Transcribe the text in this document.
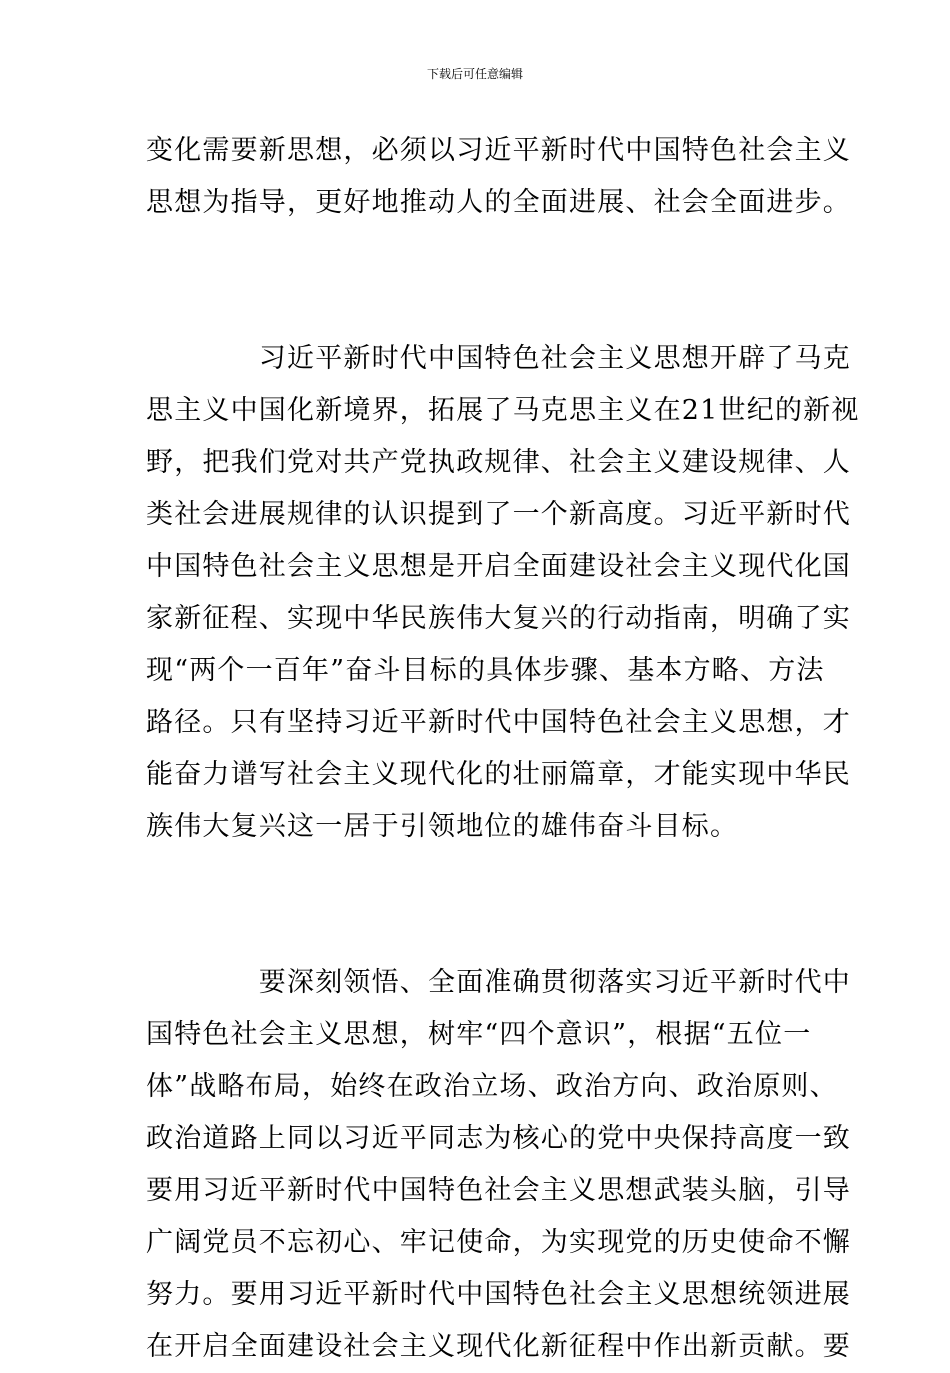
下载后可任意编辑
变化需要新思想，必须以习近平新时代中国特色社会主义
思想为指导，更好地推动人的全面进展、社会全面进步。
　　　　习近平新时代中国特色社会主义思想开辟了马克
思主义中国化新境界，拓展了马克思主义在21世纪的新视
野，把我们党对共产党执政规律、社会主义建设规律、人
类社会进展规律的认识提到了一个新高度。习近平新时代
中国特色社会主义思想是开启全面建设社会主义现代化国
家新征程、实现中华民族伟大复兴的行动指南，明确了实
现“两个一百年”奋斗目标的具体步骤、基本方略、方法
路径。只有坚持习近平新时代中国特色社会主义思想，才
能奋力谱写社会主义现代化的壮丽篇章，才能实现中华民
族伟大复兴这一居于引领地位的雄伟奋斗目标。
　　　　要深刻领悟、全面准确贯彻落实习近平新时代中
国特色社会主义思想，树牢“四个意识”，根据“五位一
体”战略布局，始终在政治立场、政治方向、政治原则、
政治道路上同以习近平同志为核心的党中央保持高度一致
要用习近平新时代中国特色社会主义思想武装头脑，引导
广阔党员不忘初心、牢记使命，为实现党的历史使命不懈
努力。要用习近平新时代中国特色社会主义思想统领进展
在开启全面建设社会主义现代化新征程中作出新贡献。要
